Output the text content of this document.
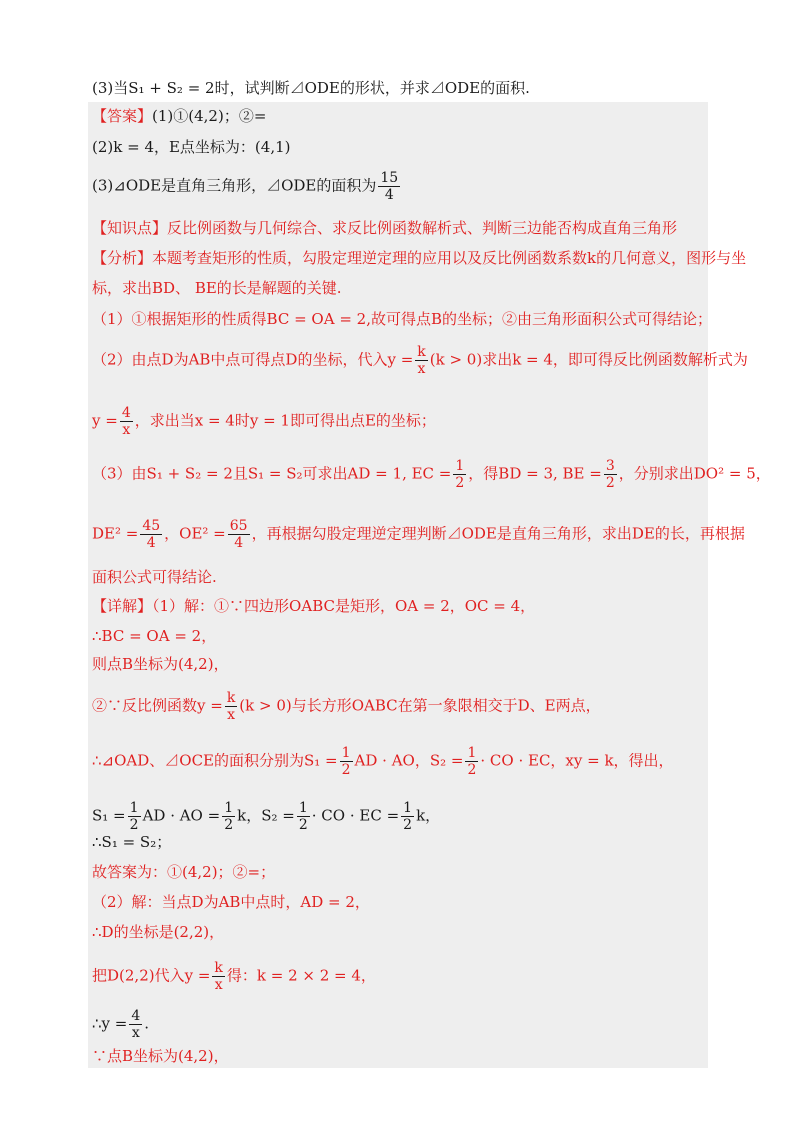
(3)当S₁ + S₂ = 2时，试判断⊿ODE的形状，并求⊿ODE的面积.
【答案】(1)①(4,2)；②=
(2)k = 4，E点坐标为：(4,1)
(3)⊿ODE是直角三角形，⊿ODE的面积为 $\frac{15}{4}$
【知识点】反比例函数与几何综合、求反比例函数解析式、判断三边能否构成直角三角形
【分析】本题考查矩形的性质，勾股定理逆定理的应用以及反比例函数系数k的几何意义，图形与坐
标，求出BD、 BE的长是解题的关键.
（1）①根据矩形的性质得BC = OA = 2,故可得点B的坐标；②由三角形面积公式可得结论；
（2）由点D为AB中点可得点D的坐标，代入$y = \frac{k}{x} (k > 0)$求出k = 4，即可得反比例函数解析式为
$y = \frac{4}{x}$ ，求出当x = 4时y = 1即可得出点E的坐标；
（3）由S₁ + S₂ = 2且S₁ = S₂可求出AD = 1, EC = $\frac{1}{2}$ ，得BD = 3, BE = $\frac{3}{2}$ ，分别求出DO² = 5，
$DE^2 = \frac{45}{4}$ ，$OE^2 = \frac{65}{4}$ ，再根据勾股定理逆定理判断⊿ODE是直角三角形，求出DE的长，再根据
面积公式可得结论.
【详解】（1）解：①∵四边形OABC是矩形，OA = 2，OC = 4，
∴BC = OA = 2，
则点B坐标为(4,2)，
②∵反比例函数$y = \frac{k}{x} (k > 0)$与长方形OABC在第一象限相交于D、E两点，
∴⊿OAD、⊿OCE的面积分别为$S_1 = \frac{1}{2}$ AD · AO，$S_2 = \frac{1}{2}$ · CO · EC，xy = k，得出，
$S_1 = \frac{1}{2}$ AD · AO = $\frac{1}{2}$ k，$S_2 = \frac{1}{2}$ · CO · EC = $\frac{1}{2}$ k，
∴S₁ = S₂；
故答案为：①(4,2)；②=；
（2）解：当点D为AB中点时，AD = 2，
∴D的坐标是(2,2)，
把D(2,2)代入$y = \frac{k}{x}$ 得：k = 2 × 2 = 4，
∴y = $\frac{4}{x}$ .
∵点B坐标为(4,2)，
